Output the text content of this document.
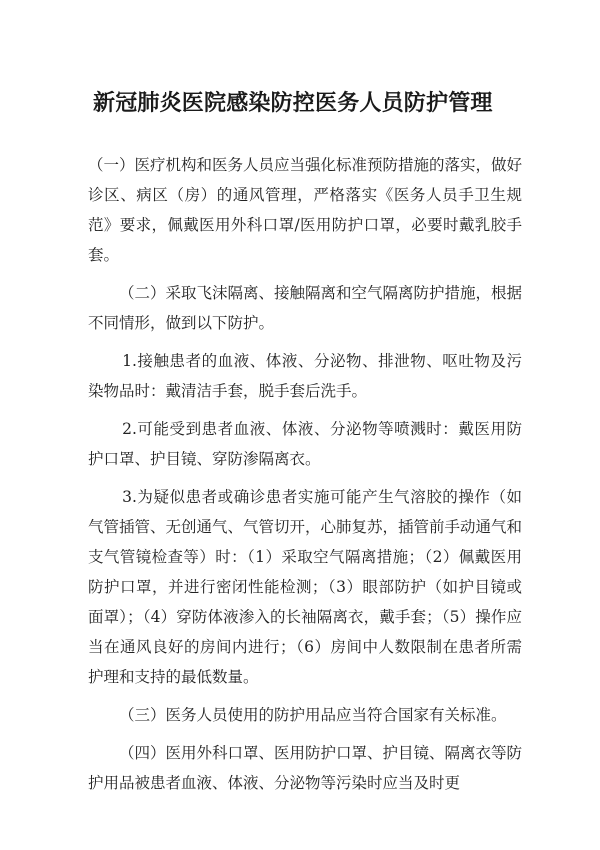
新冠肺炎医院感染防控医务人员防护管理

（一）医疗机构和医务人员应当强化标准预防措施的落实，做好诊区、病区（房）的通风管理，严格落实《医务人员手卫生规范》要求，佩戴医用外科口罩/医用防护口罩，必要时戴乳胶手套。

（二）采取飞沫隔离、接触隔离和空气隔离防护措施，根据不同情形，做到以下防护。

1.接触患者的血液、体液、分泌物、排泄物、呕吐物及污染物品时：戴清洁手套，脱手套后洗手。

2.可能受到患者血液、体液、分泌物等喷溅时：戴医用防护口罩、护目镜、穿防渗隔离衣。

3.为疑似患者或确诊患者实施可能产生气溶胶的操作（如气管插管、无创通气、气管切开，心肺复苏，插管前手动通气和支气管镜检查等）时：（1）采取空气隔离措施；（2）佩戴医用防护口罩，并进行密闭性能检测；（3）眼部防护（如护目镜或面罩）；（4）穿防体液渗入的长袖隔离衣，戴手套；（5）操作应当在通风良好的房间内进行；（6）房间中人数限制在患者所需护理和支持的最低数量。

（三）医务人员使用的防护用品应当符合国家有关标准。

（四）医用外科口罩、医用防护口罩、护目镜、隔离衣等防护用品被患者血液、体液、分泌物等污染时应当及时更
